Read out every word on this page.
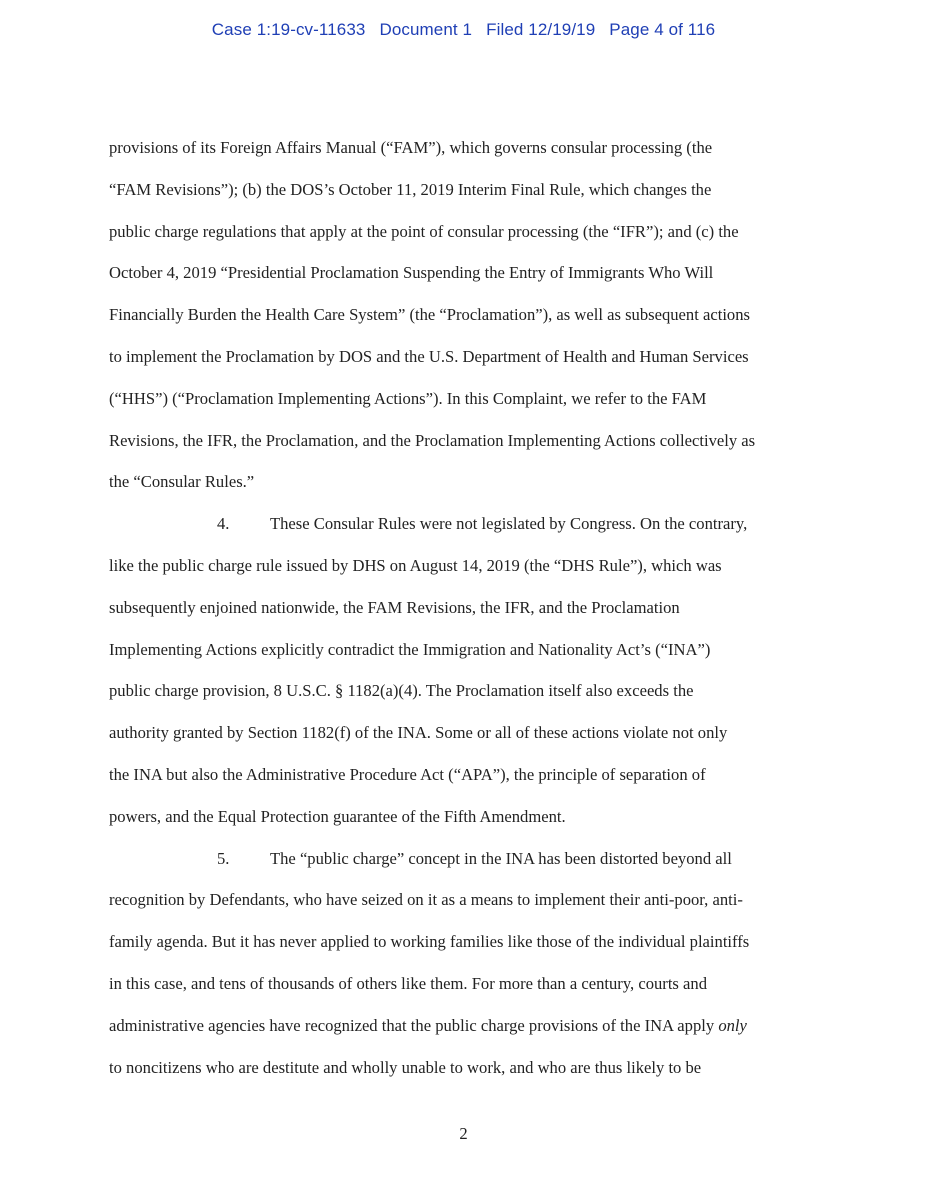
Case 1:19-cv-11633 Document 1 Filed 12/19/19 Page 4 of 116
provisions of its Foreign Affairs Manual (“FAM”), which governs consular processing (the
“FAM Revisions”); (b) the DOS’s October 11, 2019 Interim Final Rule, which changes the
public charge regulations that apply at the point of consular processing (the “IFR”); and (c) the
October 4, 2019 “Presidential Proclamation Suspending the Entry of Immigrants Who Will
Financially Burden the Health Care System” (the “Proclamation”), as well as subsequent actions
to implement the Proclamation by DOS and the U.S. Department of Health and Human Services
(“HHS”) (“Proclamation Implementing Actions”). In this Complaint, we refer to the FAM
Revisions, the IFR, the Proclamation, and the Proclamation Implementing Actions collectively as
the “Consular Rules.”
4. These Consular Rules were not legislated by Congress. On the contrary,
like the public charge rule issued by DHS on August 14, 2019 (the “DHS Rule”), which was
subsequently enjoined nationwide, the FAM Revisions, the IFR, and the Proclamation
Implementing Actions explicitly contradict the Immigration and Nationality Act’s (“INA”)
public charge provision, 8 U.S.C. § 1182(a)(4). The Proclamation itself also exceeds the
authority granted by Section 1182(f) of the INA. Some or all of these actions violate not only
the INA but also the Administrative Procedure Act (“APA”), the principle of separation of
powers, and the Equal Protection guarantee of the Fifth Amendment.
5. The “public charge” concept in the INA has been distorted beyond all
recognition by Defendants, who have seized on it as a means to implement their anti-poor, anti-
family agenda. But it has never applied to working families like those of the individual plaintiffs
in this case, and tens of thousands of others like them. For more than a century, courts and
administrative agencies have recognized that the public charge provisions of the INA apply only
to noncitizens who are destitute and wholly unable to work, and who are thus likely to be
2
